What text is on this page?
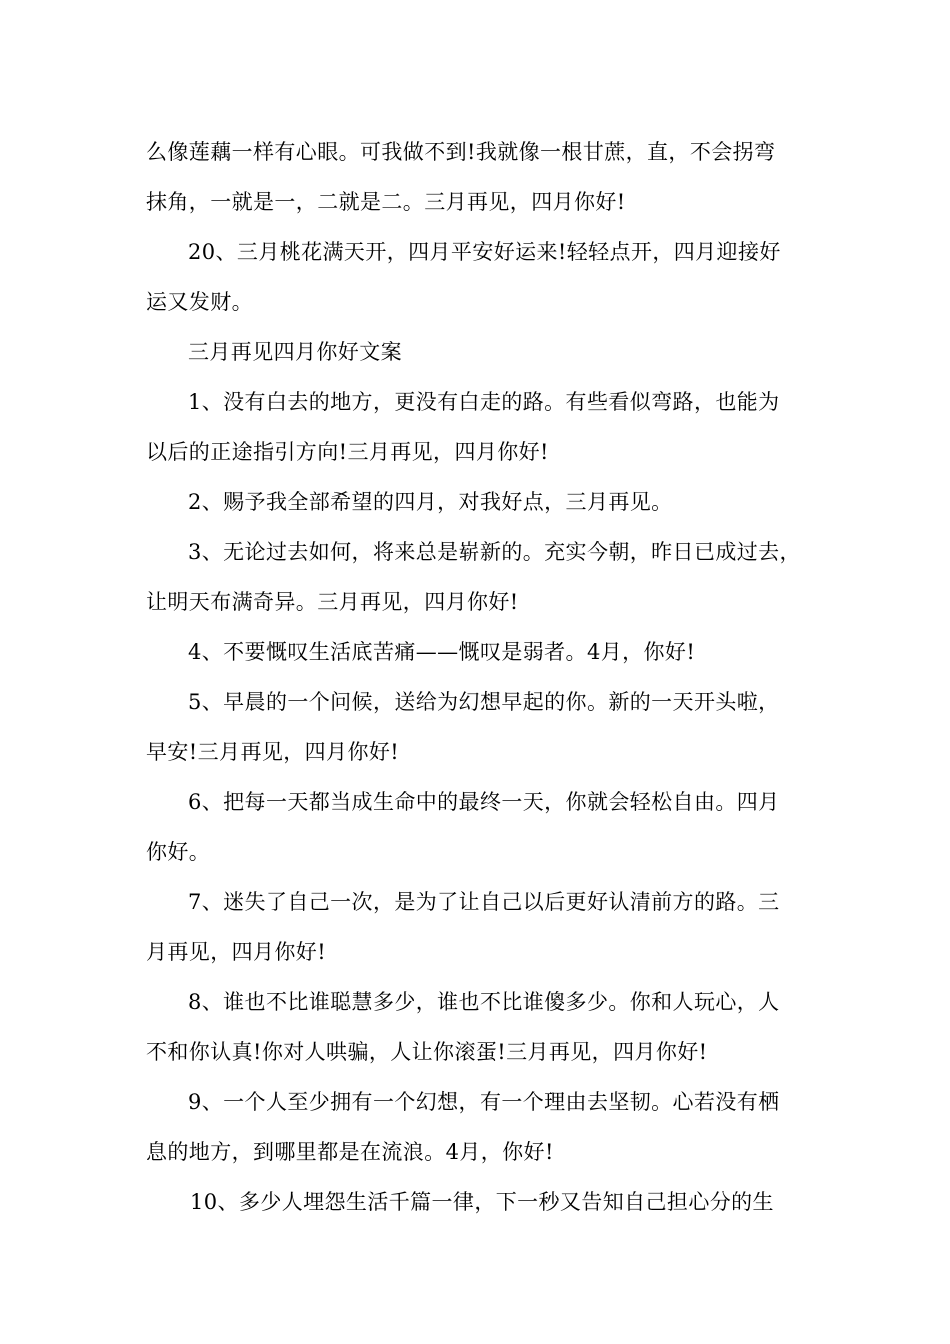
么像莲藕一样有心眼。可我做不到!我就像一根甘蔗，直，不会拐弯
抹角，一就是一，二就是二。三月再见，四月你好!
20、三月桃花满天开，四月平安好运来!轻轻点开，四月迎接好
运又发财。
三月再见四月你好文案
1、没有白去的地方，更没有白走的路。有些看似弯路，也能为
以后的正途指引方向!三月再见，四月你好!
2、赐予我全部希望的四月，对我好点，三月再见。
3、无论过去如何，将来总是崭新的。充实今朝，昨日已成过去，
让明天布满奇异。三月再见，四月你好!
4、不要慨叹生活底苦痛——慨叹是弱者。4月，你好!
5、早晨的一个问候，送给为幻想早起的你。新的一天开头啦，
早安!三月再见，四月你好!
6、把每一天都当成生命中的最终一天，你就会轻松自由。四月
你好。
7、迷失了自己一次，是为了让自己以后更好认清前方的路。三
月再见，四月你好!
8、谁也不比谁聪慧多少，谁也不比谁傻多少。你和人玩心，人
不和你认真!你对人哄骗，人让你滚蛋!三月再见，四月你好!
9、一个人至少拥有一个幻想，有一个理由去坚韧。心若没有栖
息的地方，到哪里都是在流浪。4月，你好!
10、多少人埋怨生活千篇一律，下一秒又告知自己担心分的生
